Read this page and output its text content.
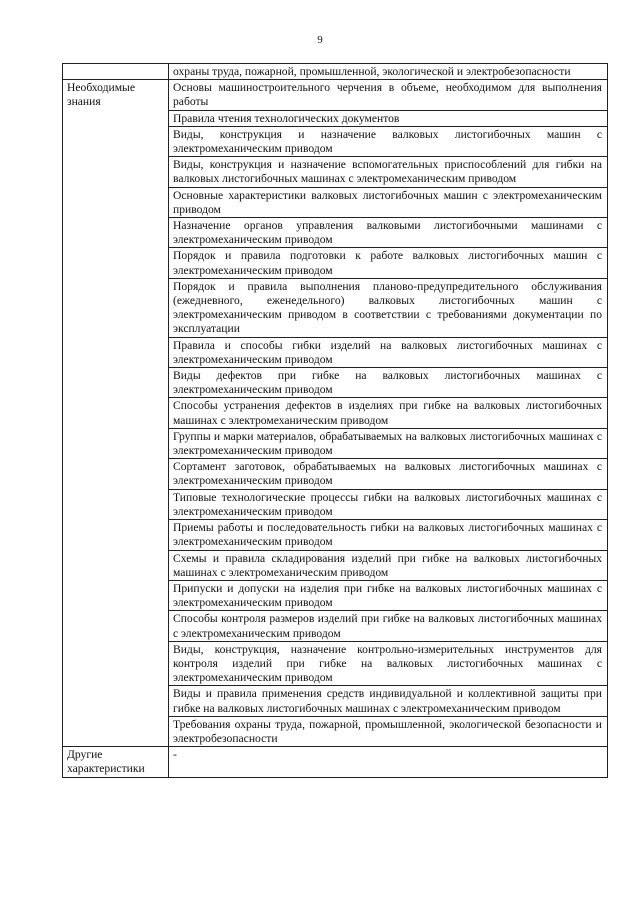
9

	охраны труда, пожарной, промышленной, экологической и электробезопасности

Необходимые знания	Основы машиностроительного черчения в объеме, необходимом для выполнения работы

	Правила чтения технологических документов

	Виды, конструкция и назначение валковых листогибочных машин с электромеханическим приводом

	Виды, конструкция и назначение вспомогательных приспособлений для гибки на валковых листогибочных машинах с электромеханическим приводом

	Основные характеристики валковых листогибочных машин с электромеханическим приводом

	Назначение органов управления валковыми листогибочными машинами с электромеханическим приводом

	Порядок и правила подготовки к работе валковых листогибочных машин с электромеханическим приводом

	Порядок и правила выполнения планово-предупредительного обслуживания (ежедневного, еженедельного) валковых листогибочных машин с электромеханическим приводом в соответствии с требованиями документации по эксплуатации

	Правила и способы гибки изделий на валковых листогибочных машинах с электромеханическим приводом

	Виды дефектов при гибке на валковых листогибочных машинах с электромеханическим приводом

	Способы устранения дефектов в изделиях при гибке на валковых листогибочных машинах с электромеханическим приводом

	Группы и марки материалов, обрабатываемых на валковых листогибочных машинах с электромеханическим приводом

	Сортамент заготовок, обрабатываемых на валковых листогибочных машинах с электромеханическим приводом

	Типовые технологические процессы гибки на валковых листогибочных машинах с электромеханическим приводом

	Приемы работы и последовательность гибки на валковых листогибочных машинах с электромеханическим приводом

	Схемы и правила складирования изделий при гибке на валковых листогибочных машинах с электромеханическим приводом

	Припуски и допуски на изделия при гибке на валковых листогибочных машинах с электромеханическим приводом

	Способы контроля размеров изделий при гибке на валковых листогибочных машинах с электромеханическим приводом

	Виды, конструкция, назначение контрольно-измерительных инструментов для контроля изделий при гибке на валковых листогибочных машинах с электромеханическим приводом

	Виды и правила применения средств индивидуальной и коллективной защиты при гибке на валковых листогибочных машинах с электромеханическим приводом

	Требования охраны труда, пожарной, промышленной, экологической безопасности и электробезопасности

Другие характеристики	-
